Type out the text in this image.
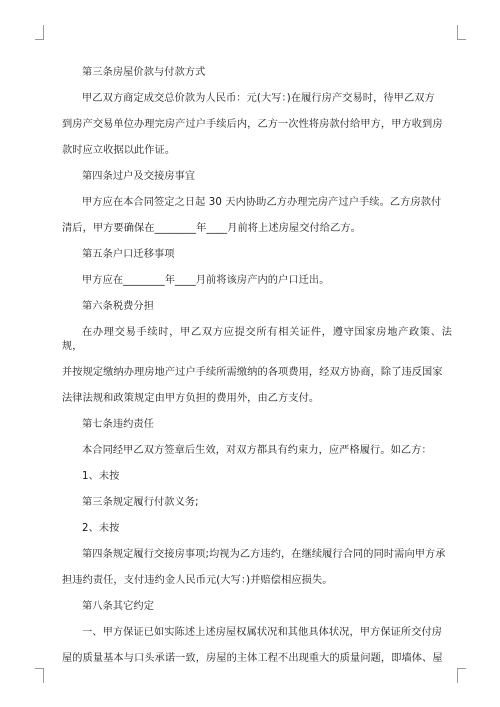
第三条房屋价款与付款方式
甲乙双方商定成交总价款为人民币：元(大写：)在履行房产交易时，待甲乙双方
到房产交易单位办理完房产过户手续后内，乙方一次性将房款付给甲方，甲方收到房
款时应立收据以此作证。
第四条过户及交接房事宜
甲方应在本合同签定之日起 30 天内协助乙方办理完房产过户手续。乙方房款付
清后，甲方要确保在________年____月前将上述房屋交付给乙方。
第五条户口迁移事项
甲方应在________年____月前将该房产内的户口迁出。
第六条税费分担
在办理交易手续时，甲乙双方应提交所有相关证件，遵守国家房地产政策、法规，
并按规定缴纳办理房地产过户手续所需缴纳的各项费用，经双方协商，除了违反国家
法律法规和政策规定由甲方负担的费用外，由乙方支付。
第七条违约责任
本合同经甲乙双方签章后生效，对双方都具有约束力，应严格履行。如乙方：
1、未按
第三条规定履行付款义务;
2、未按
第四条规定履行交接房事项;均视为乙方违约，在继续履行合同的同时需向甲方承
担违约责任，支付违约金人民币元(大写：)并赔偿相应损失。
第八条其它约定
一、甲方保证已如实陈述上述房屋权属状况和其他具体状况，甲方保证所交付房
屋的质量基本与口头承诺一致，房屋的主体工程不出现重大的质量问题，即墙体、屋
